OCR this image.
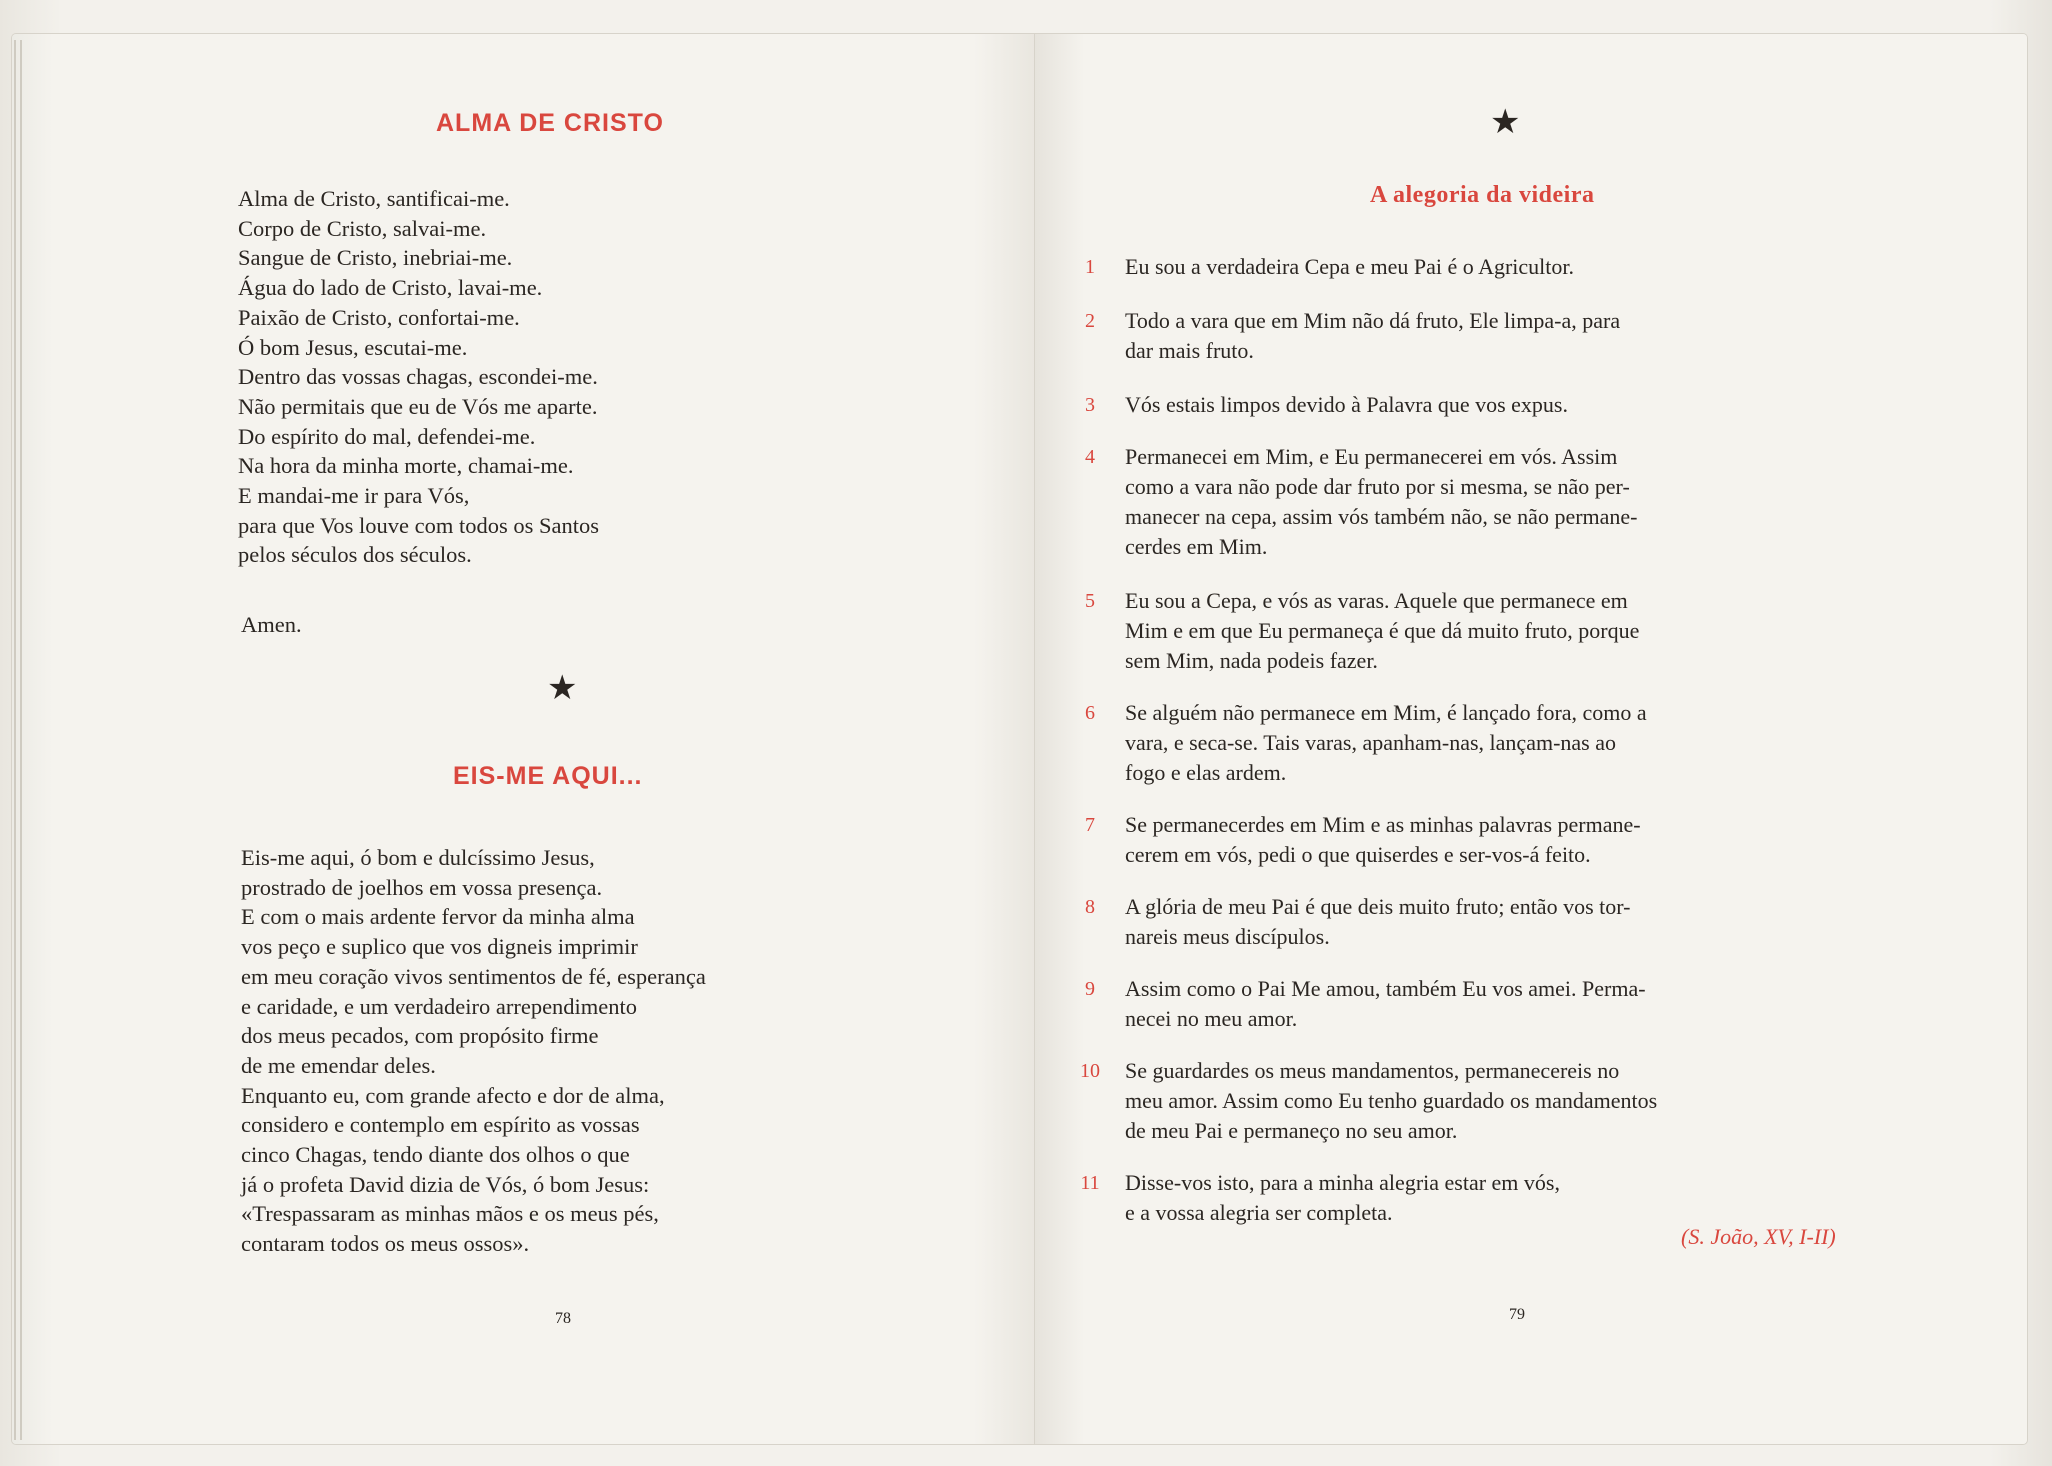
ALMA DE CRISTO
Alma de Cristo, santificai-me.
Corpo de Cristo, salvai-me.
Sangue de Cristo, inebriai-me.
Água do lado de Cristo, lavai-me.
Paixão de Cristo, confortai-me.
Ó bom Jesus, escutai-me.
Dentro das vossas chagas, escondei-me.
Não permitais que eu de Vós me aparte.
Do espírito do mal, defendei-me.
Na hora da minha morte, chamai-me.
E mandai-me ir para Vós,
para que Vos louve com todos os Santos
pelos séculos dos séculos.
Amen.
★
EIS-ME AQUI...
Eis-me aqui, ó bom e dulcíssimo Jesus,
prostrado de joelhos em vossa presença.
E com o mais ardente fervor da minha alma
vos peço e suplico que vos digneis imprimir
em meu coração vivos sentimentos de fé, esperança
e caridade, e um verdadeiro arrependimento
dos meus pecados, com propósito firme
de me emendar deles.
Enquanto eu, com grande afecto e dor de alma,
considero e contemplo em espírito as vossas
cinco Chagas, tendo diante dos olhos o que
já o profeta David dizia de Vós, ó bom Jesus:
«Trespassaram as minhas mãos e os meus pés,
contaram todos os meus ossos».
78
★
A alegoria da videira
1	Eu sou a verdadeira Cepa e meu Pai é o Agricultor.
2	Todo a vara que em Mim não dá fruto, Ele limpa-a, para
dar mais fruto.
3	Vós estais limpos devido à Palavra que vos expus.
4	Permanecei em Mim, e Eu permanecerei em vós. Assim
como a vara não pode dar fruto por si mesma, se não per-
manecer na cepa, assim vós também não, se não permane-
cerdes em Mim.
5	Eu sou a Cepa, e vós as varas. Aquele que permanece em
Mim e em que Eu permaneça é que dá muito fruto, porque
sem Mim, nada podeis fazer.
6	Se alguém não permanece em Mim, é lançado fora, como a
vara, e seca-se. Tais varas, apanham-nas, lançam-nas ao
fogo e elas ardem.
7	Se permanecerdes em Mim e as minhas palavras permane-
cerem em vós, pedi o que quiserdes e ser-vos-á feito.
8	A glória de meu Pai é que deis muito fruto; então vos tor-
nareis meus discípulos.
9	Assim como o Pai Me amou, também Eu vos amei. Perma-
necei no meu amor.
10	Se guardardes os meus mandamentos, permanecereis no
meu amor. Assim como Eu tenho guardado os mandamentos
de meu Pai e permaneço no seu amor.
11	Disse-vos isto, para a minha alegria estar em vós,
e a vossa alegria ser completa.
(S. João, XV, I-II)
79
